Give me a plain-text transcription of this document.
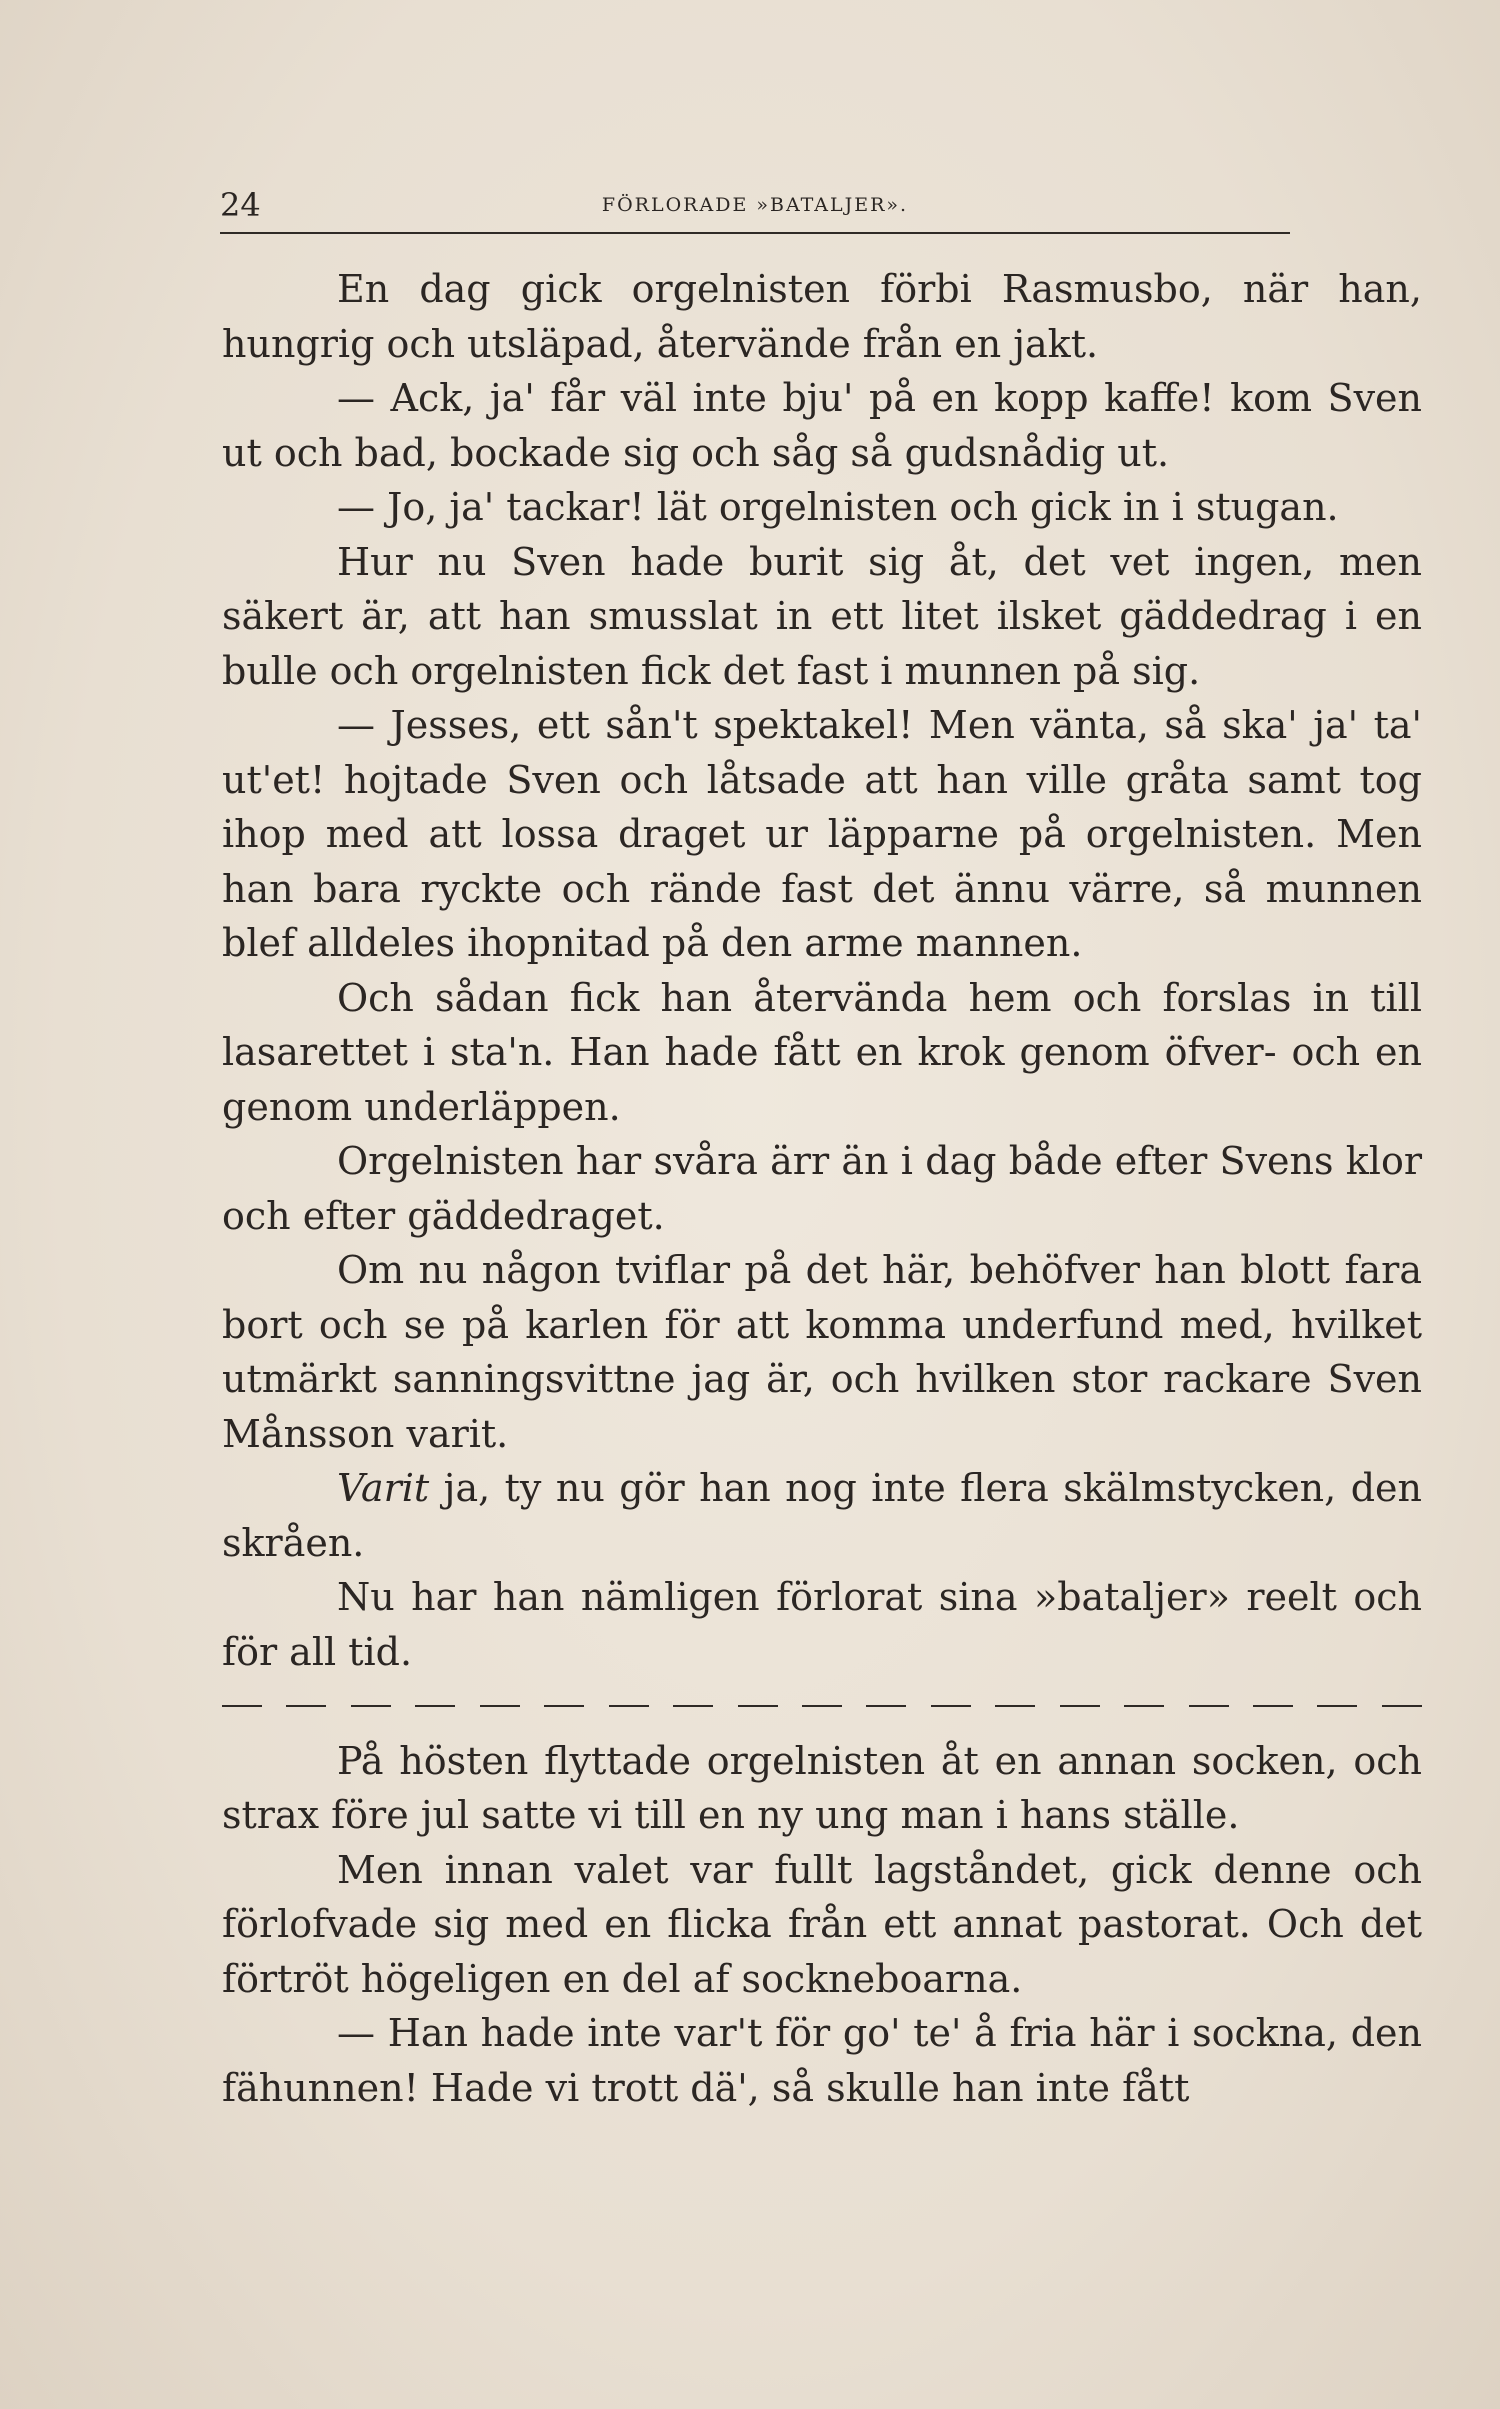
24	FÖRLORADE »BATALJER».

En dag gick orgelnisten förbi Rasmusbo, när han, hungrig och utsläpad, återvände från en jakt.

— Ack, ja' får väl inte bju' på en kopp kaffe! kom Sven ut och bad, bockade sig och såg så gudsnådig ut.

— Jo, ja' tackar! lät orgelnisten och gick in i stugan.

Hur nu Sven hade burit sig åt, det vet ingen, men säkert är, att han smusslat in ett litet ilsket gäddedrag i en bulle och orgelnisten fick det fast i munnen på sig.

— Jesses, ett sån't spektakel! Men vänta, så ska' ja' ta' ut'et! hojtade Sven och låtsade att han ville gråta samt tog ihop med att lossa draget ur läpparne på orgelnisten. Men han bara ryckte och rände fast det ännu värre, så munnen blef alldeles ihopnitad på den arme mannen.

Och sådan fick han återvända hem och forslas in till lasarettet i sta'n. Han hade fått en krok genom öfver- och en genom underläppen.

Orgelnisten har svåra ärr än i dag både efter Svens klor och efter gäddedraget.

Om nu någon tviflar på det här, behöfver han blott fara bort och se på karlen för att komma underfund med, hvilket utmärkt sanningsvittne jag är, och hvilken stor rackare Sven Månsson varit.

Varit ja, ty nu gör han nog inte flera skälmstycken, den skråen.

Nu har han nämligen förlorat sina »bataljer» reelt och för all tid.

På hösten flyttade orgelnisten åt en annan socken, och strax före jul satte vi till en ny ung man i hans ställe.

Men innan valet var fullt lagståndet, gick denne och förlofvade sig med en flicka från ett annat pastorat. Och det förtröt högeligen en del af sockneboarna.

— Han hade inte var't för go' te' å fria här i sockna, den fähunnen! Hade vi trott dä', så skulle han inte fått
